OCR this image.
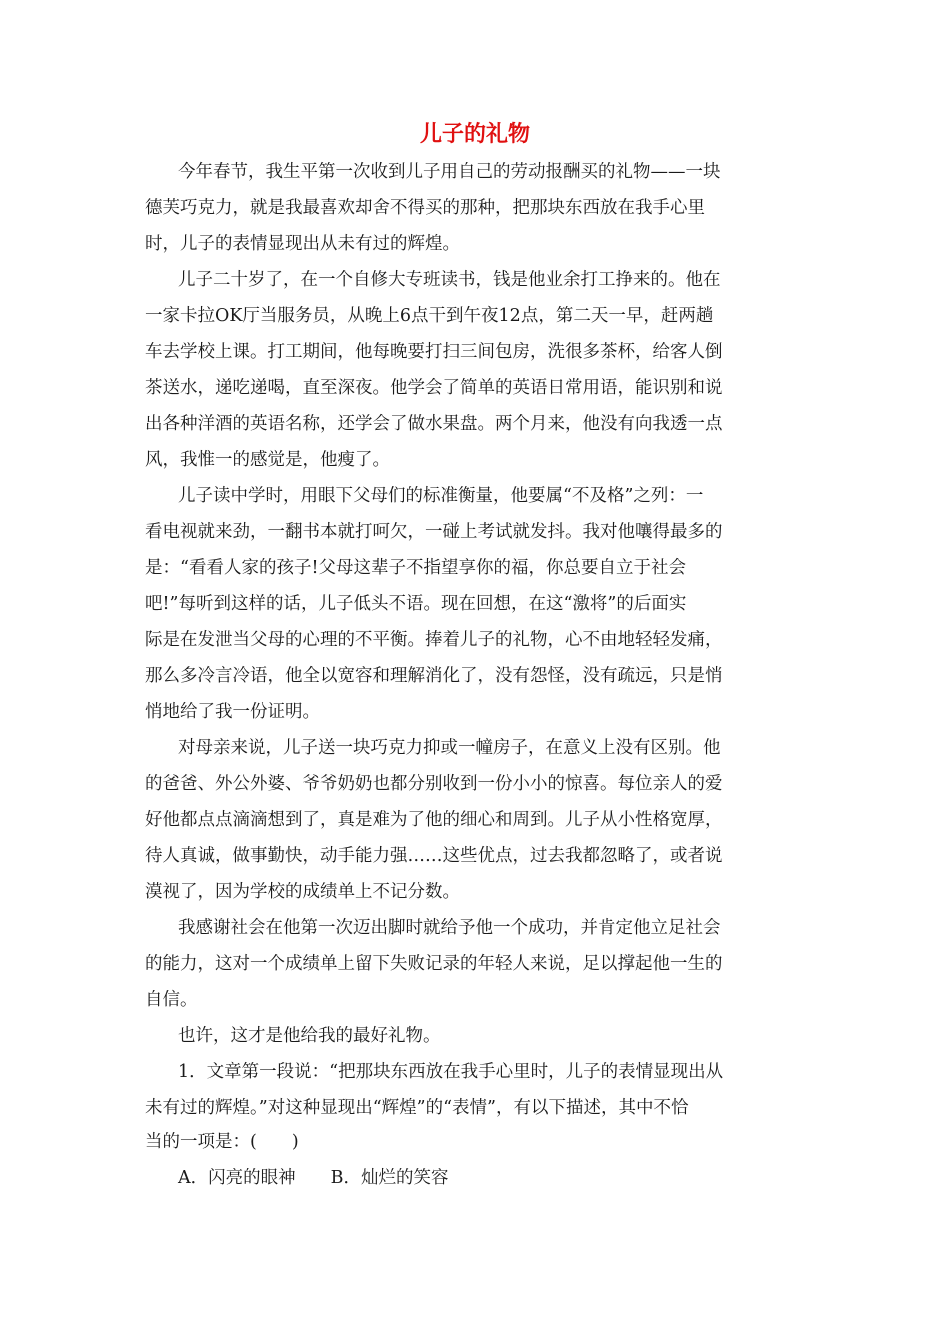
儿子的礼物
今年春节，我生平第一次收到儿子用自己的劳动报酬买的礼物——一块
德芙巧克力，就是我最喜欢却舍不得买的那种，把那块东西放在我手心里
时，儿子的表情显现出从未有过的辉煌。
儿子二十岁了，在一个自修大专班读书，钱是他业余打工挣来的。他在
一家卡拉OK厅当服务员，从晚上6点干到午夜12点，第二天一早，赶两趟
车去学校上课。打工期间，他每晚要打扫三间包房，洗很多茶杯，给客人倒
茶送水，递吃递喝，直至深夜。他学会了简单的英语日常用语，能识别和说
出各种洋酒的英语名称，还学会了做水果盘。两个月来，他没有向我透一点
风，我惟一的感觉是，他瘦了。
儿子读中学时，用眼下父母们的标准衡量，他要属“不及格”之列：一
看电视就来劲，一翻书本就打呵欠，一碰上考试就发抖。我对他嚷得最多的
是：“看看人家的孩子!父母这辈子不指望享你的福，你总要自立于社会
吧!”每听到这样的话，儿子低头不语。现在回想，在这“激将”的后面实
际是在发泄当父母的心理的不平衡。捧着儿子的礼物，心不由地轻轻发痛，
那么多冷言冷语，他全以宽容和理解消化了，没有怨怪，没有疏远，只是悄
悄地给了我一份证明。
对母亲来说，儿子送一块巧克力抑或一幢房子，在意义上没有区别。他
的爸爸、外公外婆、爷爷奶奶也都分别收到一份小小的惊喜。每位亲人的爱
好他都点点滴滴想到了，真是难为了他的细心和周到。儿子从小性格宽厚，
待人真诚，做事勤快，动手能力强……这些优点，过去我都忽略了，或者说
漠视了，因为学校的成绩单上不记分数。
我感谢社会在他第一次迈出脚时就给予他一个成功，并肯定他立足社会
的能力，这对一个成绩单上留下失败记录的年轻人来说，足以撑起他一生的
自信。
也许，这才是他给我的最好礼物。
1．文章第一段说：“把那块东西放在我手心里时，儿子的表情显现出从
未有过的辉煌。”对这种显现出“辉煌”的“表情”，有以下描述，其中不恰
当的一项是：(　　)
A．闪亮的眼神　　B．灿烂的笑容
